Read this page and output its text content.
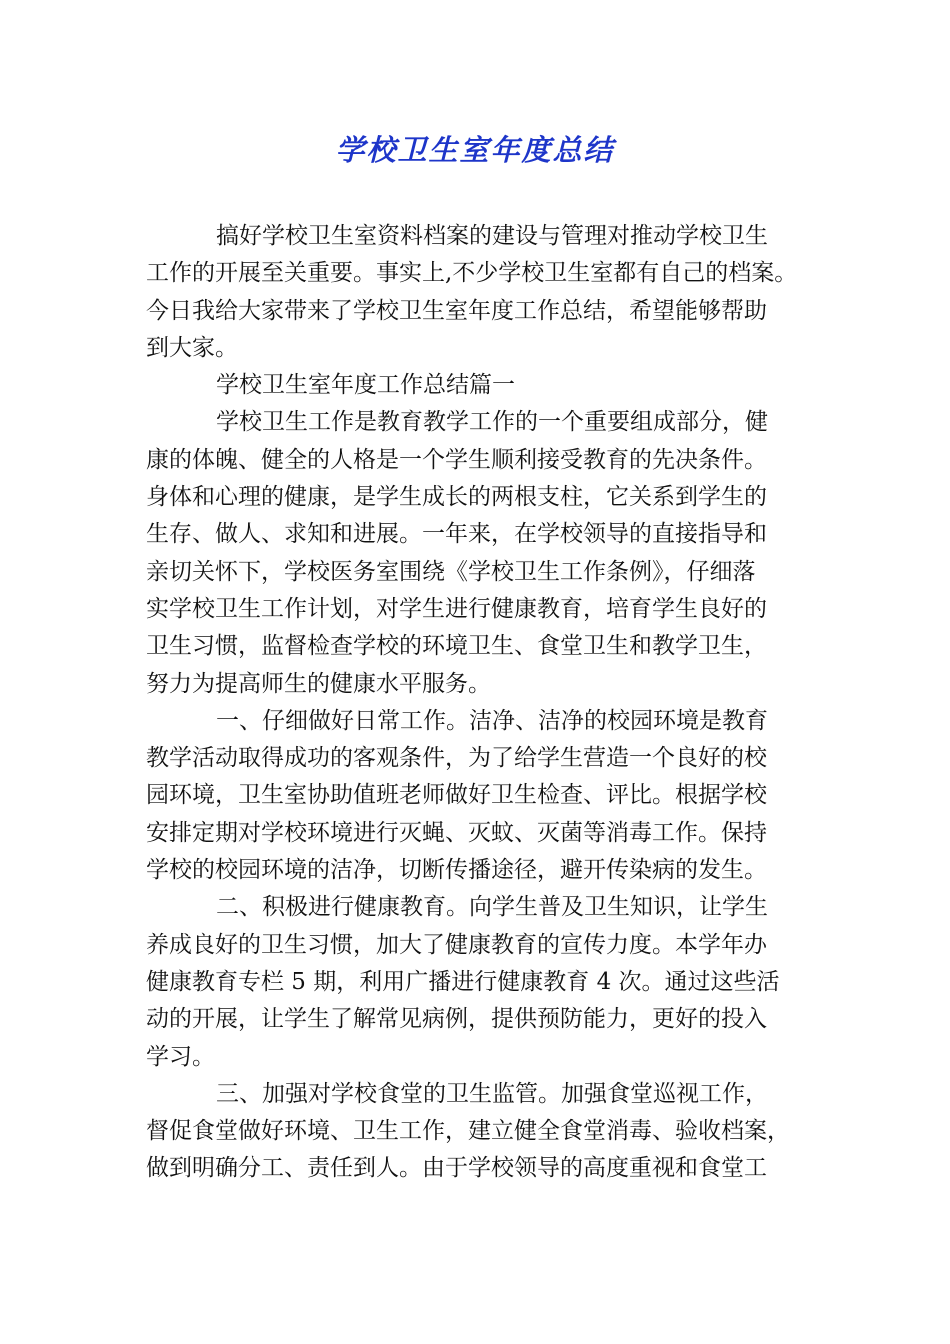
学校卫生室年度总结
搞好学校卫生室资料档案的建设与管理对推动学校卫生
工作的开展至关重要。事实上,不少学校卫生室都有自己的档案。
今日我给大家带来了学校卫生室年度工作总结，希望能够帮助
到大家。
学校卫生室年度工作总结篇一
学校卫生工作是教育教学工作的一个重要组成部分，健
康的体魄、健全的人格是一个学生顺利接受教育的先决条件。
身体和心理的健康，是学生成长的两根支柱，它关系到学生的
生存、做人、求知和进展。一年来，在学校领导的直接指导和
亲切关怀下，学校医务室围绕《学校卫生工作条例》，仔细落
实学校卫生工作计划，对学生进行健康教育，培育学生良好的
卫生习惯，监督检查学校的环境卫生、食堂卫生和教学卫生，
努力为提高师生的健康水平服务。
一、仔细做好日常工作。洁净、洁净的校园环境是教育
教学活动取得成功的客观条件，为了给学生营造一个良好的校
园环境，卫生室协助值班老师做好卫生检查、评比。根据学校
安排定期对学校环境进行灭蝇、灭蚊、灭菌等消毒工作。保持
学校的校园环境的洁净，切断传播途径，避开传染病的发生。
二、积极进行健康教育。向学生普及卫生知识，让学生
养成良好的卫生习惯，加大了健康教育的宣传力度。本学年办
健康教育专栏 5 期，利用广播进行健康教育 4 次。通过这些活
动的开展，让学生了解常见病例，提供预防能力，更好的投入
学习。
三、加强对学校食堂的卫生监管。加强食堂巡视工作，
督促食堂做好环境、卫生工作，建立健全食堂消毒、验收档案，
做到明确分工、责任到人。由于学校领导的高度重视和食堂工
